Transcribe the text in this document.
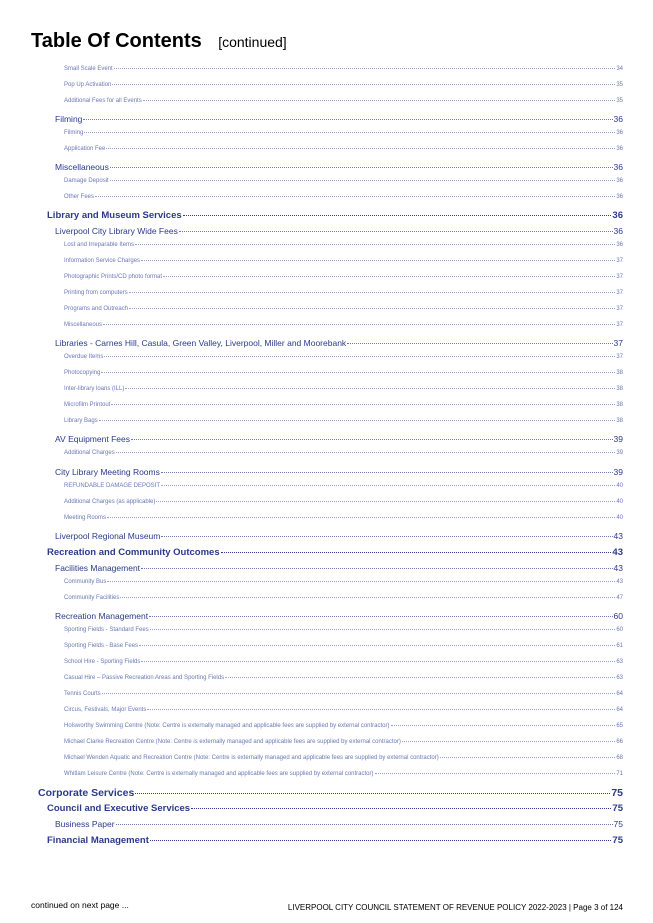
Table Of Contents [continued]
Small Scale Event	34
Pop Up Activation	35
Additional Fees for all Events	35
Filming	36
Filming	36
Application Fee	36
Miscellaneous	36
Damage Deposit	36
Other Fees	36
Library and Museum Services	36
Liverpool City Library Wide Fees	36
Lost and Irreparable Items	36
Information Service Charges	37
Photographic Prints/CD photo format	37
Printing from computers	37
Programs and Outreach	37
Miscellaneous	37
Libraries - Carnes Hill, Casula, Green Valley, Liverpool, Miller and Moorebank	37
Overdue Items	37
Photocopying	38
Inter-library loans (ILL)	38
Microfilm Printout	38
Library Bags	38
AV Equipment Fees	39
Additional Charges	39
City Library Meeting Rooms	39
REFUNDABLE DAMAGE DEPOSIT	40
Additional Charges (as applicable)	40
Meeting Rooms	40
Liverpool Regional Museum	43
Recreation and Community Outcomes	43
Facilities Management	43
Community Bus	43
Community Facilities	47
Recreation Management	60
Sporting Fields - Standard Fees	60
Sporting Fields - Base Fees	61
School Hire - Sporting Fields	63
Casual Hire – Passive Recreation Areas and Sporting Fields	63
Tennis Courts	64
Circus, Festivals, Major Events	64
Holsworthy Swimming Centre (Note: Centre is externally managed and applicable fees are supplied by external contractor)	65
Michael Clarke Recreation Centre (Note: Centre is externally managed and applicable fees are supplied by external contractor)	66
Michael Wenden Aquatic and Recreation Centre (Note: Centre is externally managed and applicable fees are supplied by external contractor)	68
Whitlam Leisure Centre (Note: Centre is externally managed and applicable fees are supplied by external contractor)	71
Corporate Services	75
Council and Executive Services	75
Business Paper	75
Financial Management	75
continued on next page ...	LIVERPOOL CITY COUNCIL STATEMENT OF REVENUE POLICY 2022-2023 | Page 3 of 124
